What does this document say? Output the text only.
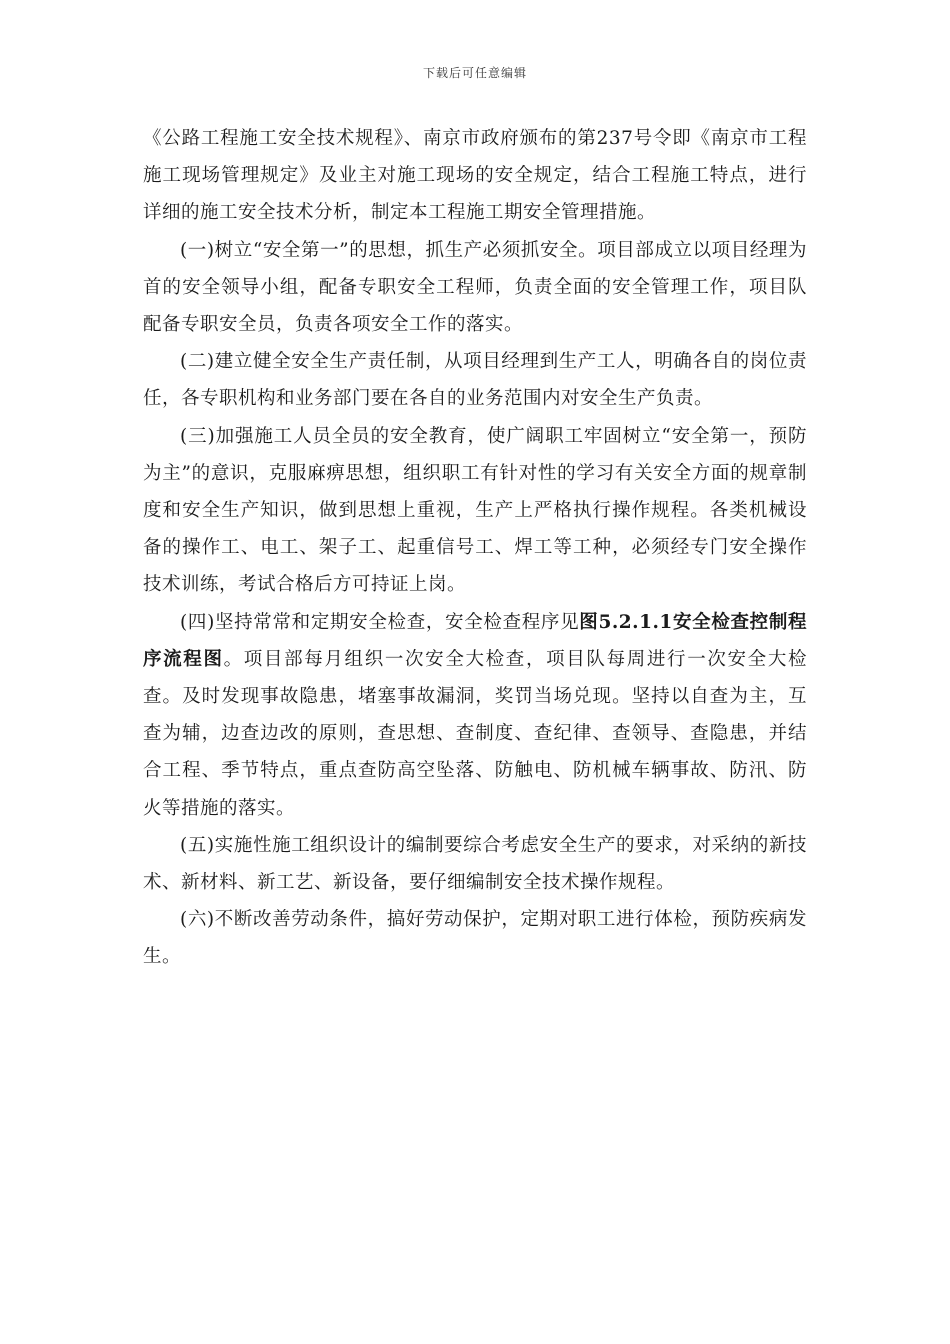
下载后可任意编辑

《公路工程施工安全技术规程》、南京市政府颁布的第237号令即《南京市工程施工现场管理规定》及业主对施工现场的安全规定，结合工程施工特点，进行详细的施工安全技术分析，制定本工程施工期安全管理措施。

(一)树立“安全第一”的思想，抓生产必须抓安全。项目部成立以项目经理为首的安全领导小组，配备专职安全工程师，负责全面的安全管理工作，项目队配备专职安全员，负责各项安全工作的落实。

(二)建立健全安全生产责任制，从项目经理到生产工人，明确各自的岗位责任，各专职机构和业务部门要在各自的业务范围内对安全生产负责。

(三)加强施工人员全员的安全教育，使广阔职工牢固树立“安全第一，预防为主”的意识，克服麻痹思想，组织职工有针对性的学习有关安全方面的规章制度和安全生产知识，做到思想上重视，生产上严格执行操作规程。各类机械设备的操作工、电工、架子工、起重信号工、焊工等工种，必须经专门安全操作技术训练，考试合格后方可持证上岗。

(四)坚持常常和定期安全检查，安全检查程序见图5.2.1.1安全检查控制程序流程图。项目部每月组织一次安全大检查，项目队每周进行一次安全大检查。及时发现事故隐患，堵塞事故漏洞，奖罚当场兑现。坚持以自查为主，互查为辅，边查边改的原则，查思想、查制度、查纪律、查领导、查隐患，并结合工程、季节特点，重点查防高空坠落、防触电、防机械车辆事故、防汛、防火等措施的落实。

(五)实施性施工组织设计的编制要综合考虑安全生产的要求，对采纳的新技术、新材料、新工艺、新设备，要仔细编制安全技术操作规程。

(六)不断改善劳动条件，搞好劳动保护，定期对职工进行体检，预防疾病发生。
